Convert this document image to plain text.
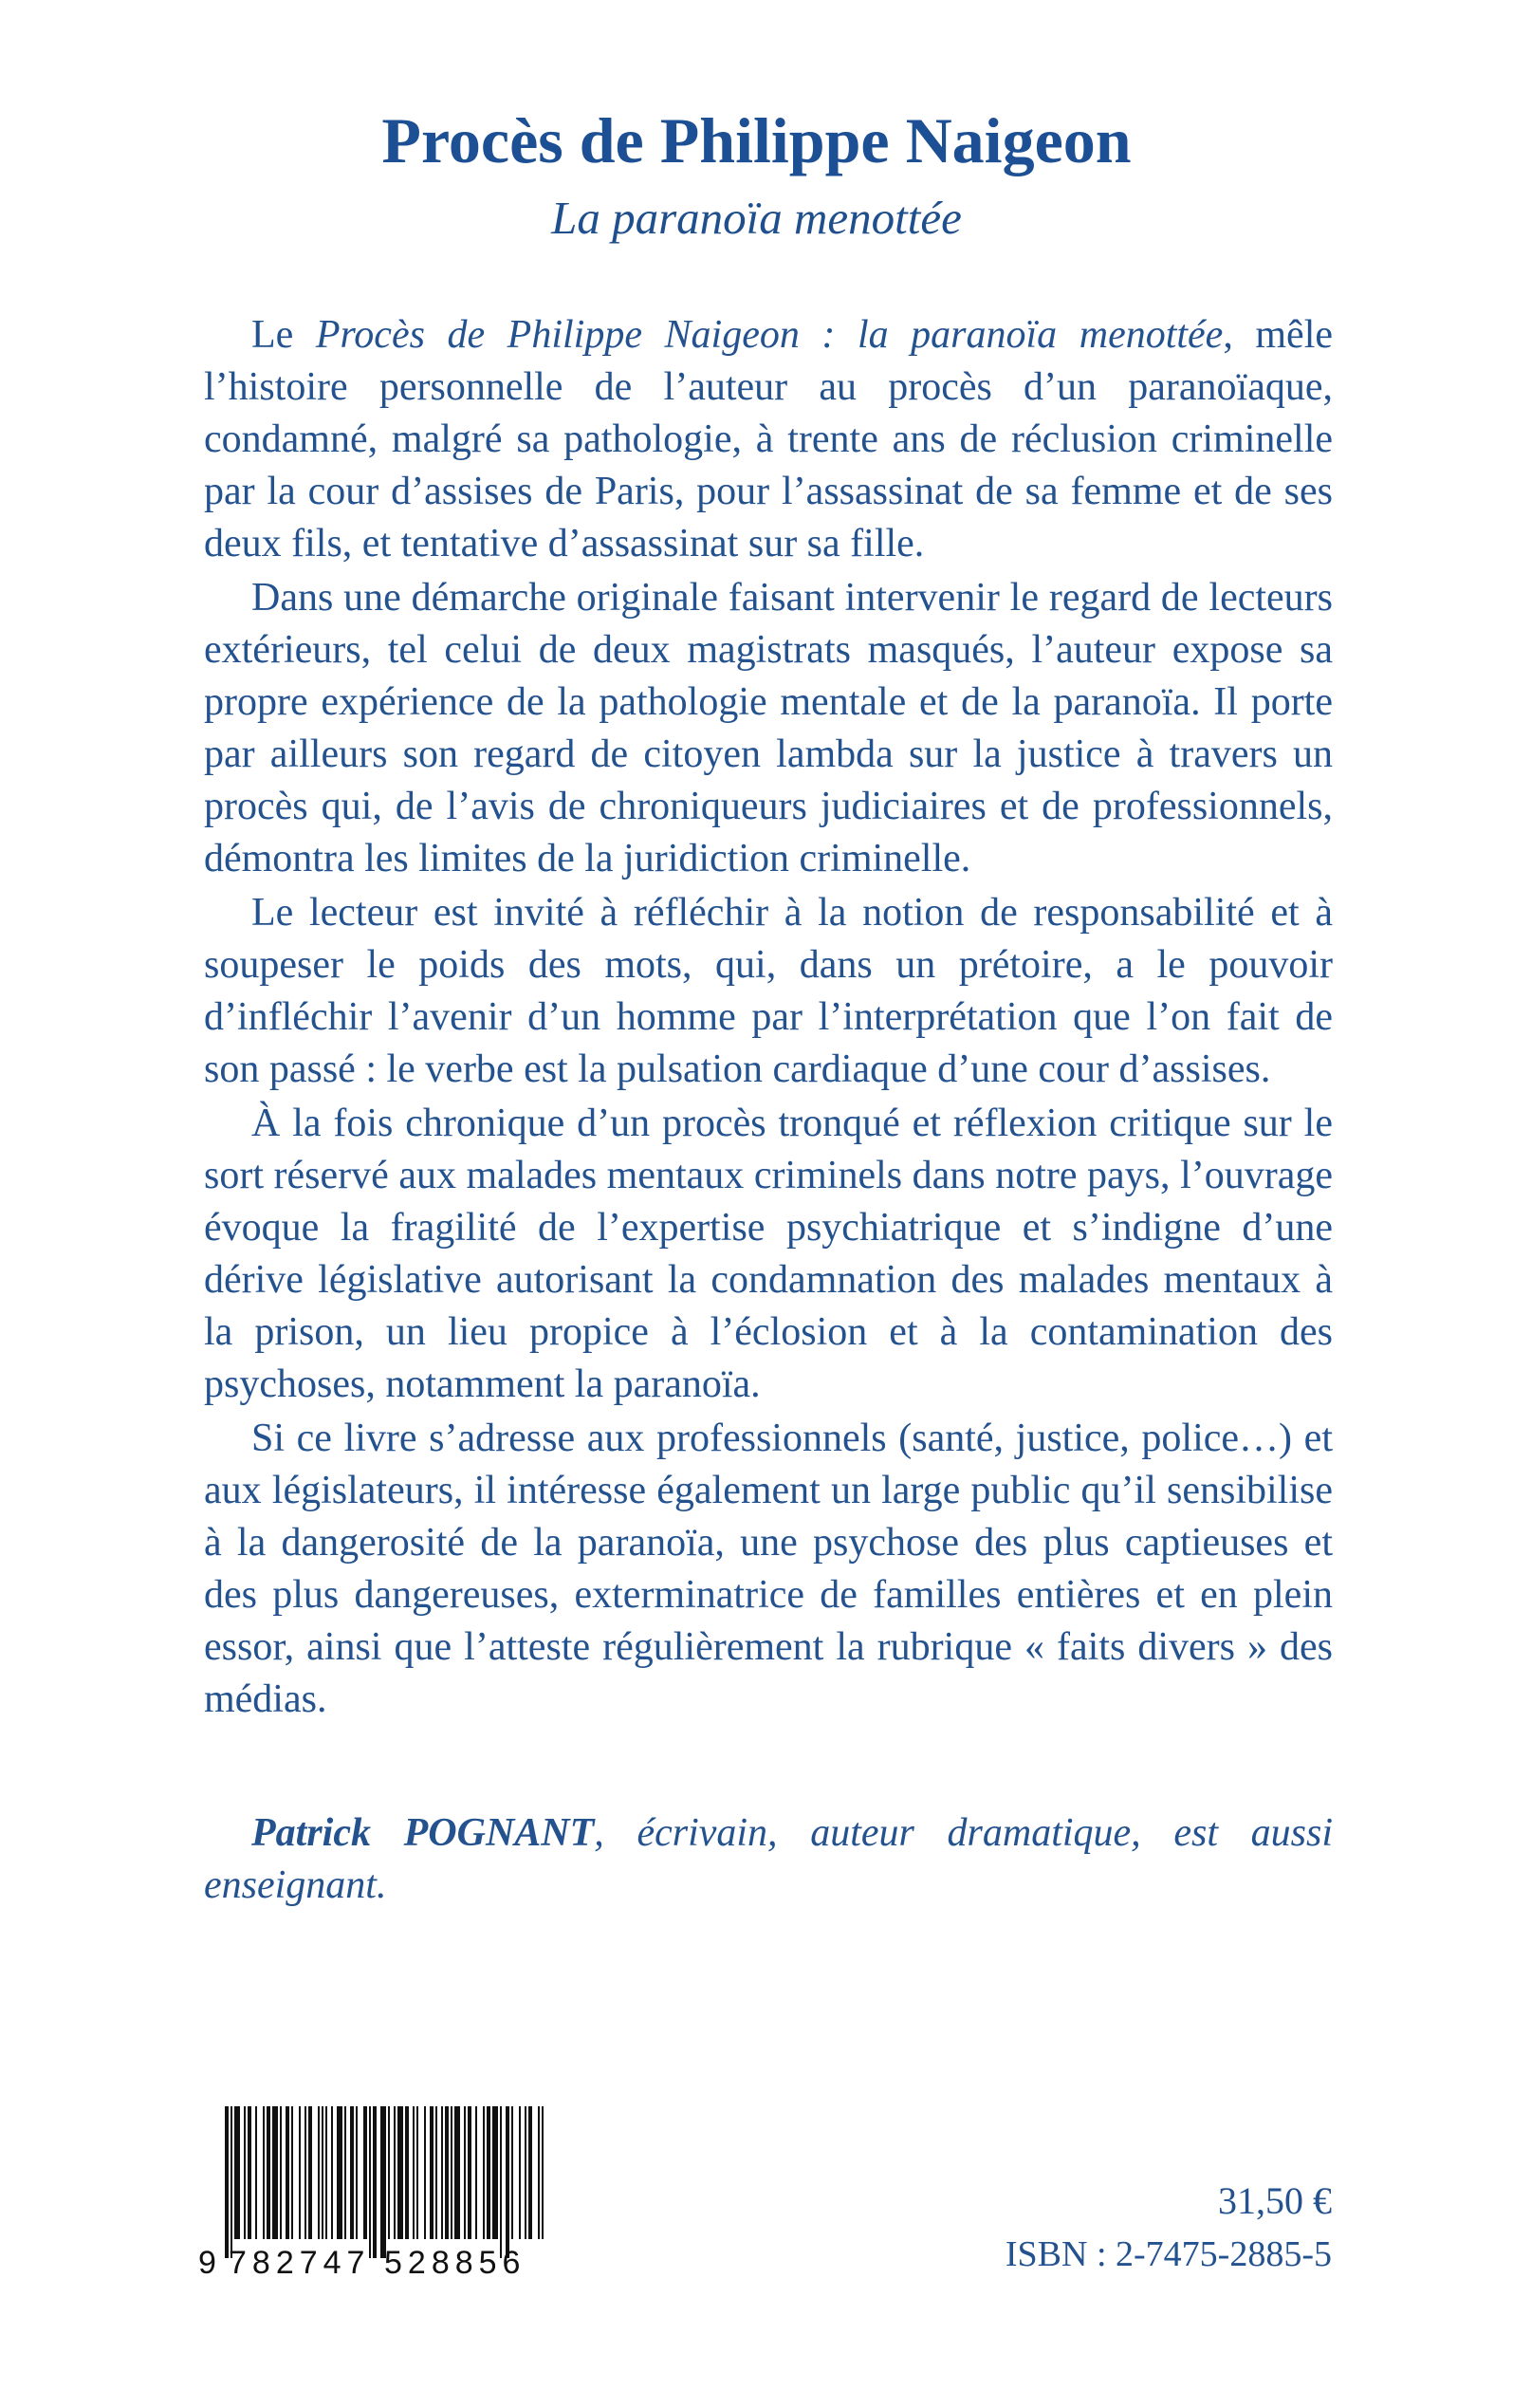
Procès de Philippe Naigeon
La paranoïa menottée

Le Procès de Philippe Naigeon : la paranoïa menottée, mêle l’histoire personnelle de l’auteur au procès d’un paranoïaque, condamné, malgré sa pathologie, à trente ans de réclusion criminelle par la cour d’assises de Paris, pour l’assassinat de sa femme et de ses deux fils, et tentative d’assassinat sur sa fille.

Dans une démarche originale faisant intervenir le regard de lecteurs extérieurs, tel celui de deux magistrats masqués, l’auteur expose sa propre expérience de la pathologie mentale et de la paranoïa. Il porte par ailleurs son regard de citoyen lambda sur la justice à travers un procès qui, de l’avis de chroniqueurs judiciaires et de professionnels, démontra les limites de la juridiction criminelle.

Le lecteur est invité à réfléchir à la notion de responsabilité et à soupeser le poids des mots, qui, dans un prétoire, a le pouvoir d’infléchir l’avenir d’un homme par l’interprétation que l’on fait de son passé : le verbe est la pulsation cardiaque d’une cour d’assises.

À la fois chronique d’un procès tronqué et réflexion critique sur le sort réservé aux malades mentaux criminels dans notre pays, l’ouvrage évoque la fragilité de l’expertise psychiatrique et s’indigne d’une dérive législative autorisant la condamnation des malades mentaux à la prison, un lieu propice à l’éclosion et à la contamination des psychoses, notamment la paranoïa.

Si ce livre s’adresse aux professionnels (santé, justice, police…) et aux législateurs, il intéresse également un large public qu’il sensibilise à la dangerosité de la paranoïa, une psychose des plus captieuses et des plus dangereuses, exterminatrice de familles entières et en plein essor, ainsi que l’atteste régulièrement la rubrique « faits divers » des médias.

Patrick POGNANT, écrivain, auteur dramatique, est aussi enseignant.
9 782747 528856
31,50 €
ISBN : 2-7475-2885-5
